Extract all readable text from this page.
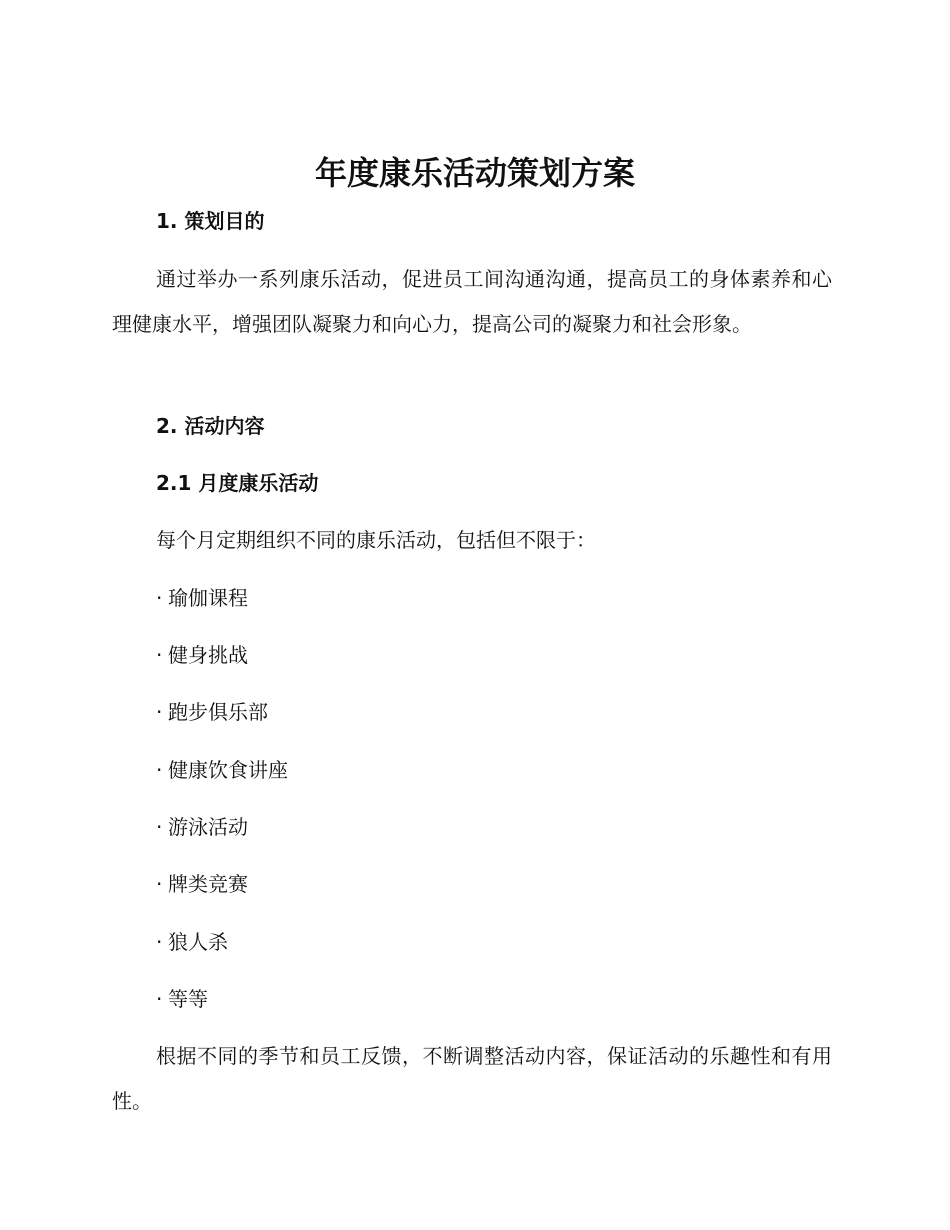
年度康乐活动策划方案
1. 策划目的

通过举办一系列康乐活动，促进员工间沟通沟通，提高员工的身体素养和心理健康水平，增强团队凝聚力和向心力，提高公司的凝聚力和社会形象。

2. 活动内容
2.1 月度康乐活动

每个月定期组织不同的康乐活动，包括但不限于：

· 瑜伽课程
· 健身挑战
· 跑步俱乐部
· 健康饮食讲座
· 游泳活动
· 牌类竞赛
· 狼人杀
· 等等

根据不同的季节和员工反馈，不断调整活动内容，保证活动的乐趣性和有用性。
